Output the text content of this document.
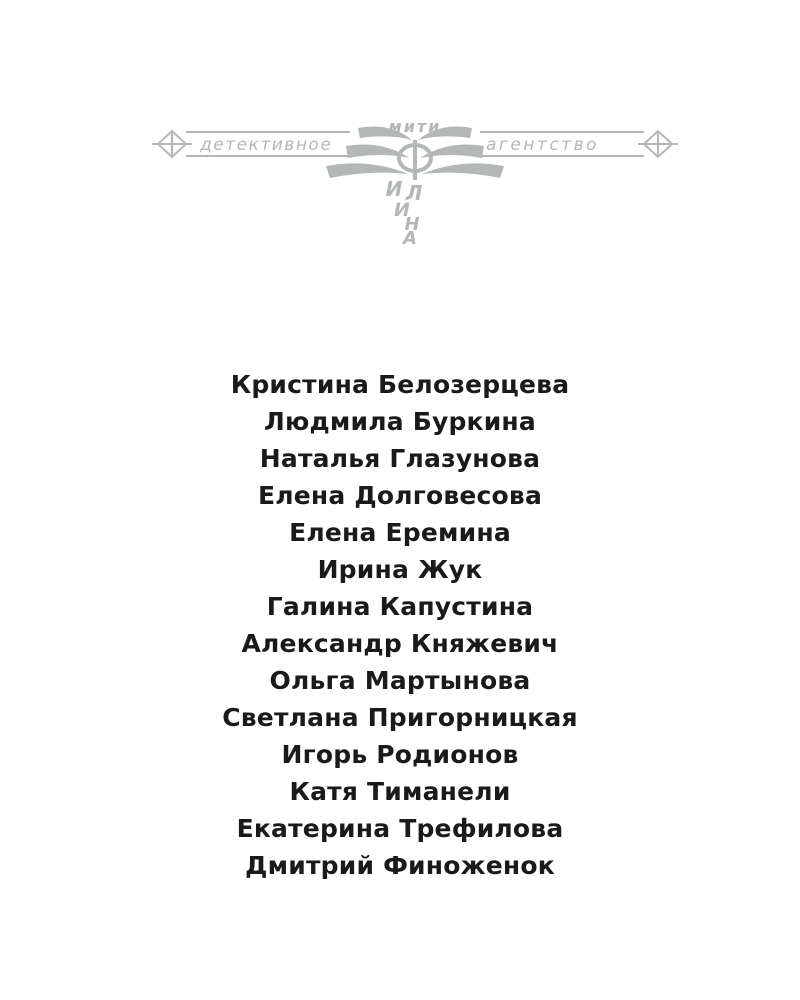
детективное	агентство
мити
И Л
И
Н
А
Кристина Белозерцева
Людмила Буркина
Наталья Глазунова
Елена Долговесова
Елена Еремина
Ирина Жук
Галина Капустина
Александр Княжевич
Ольга Мартынова
Светлана Пригорницкая
Игорь Родионов
Катя Тиманели
Екатерина Трефилова
Дмитрий Финоженок
